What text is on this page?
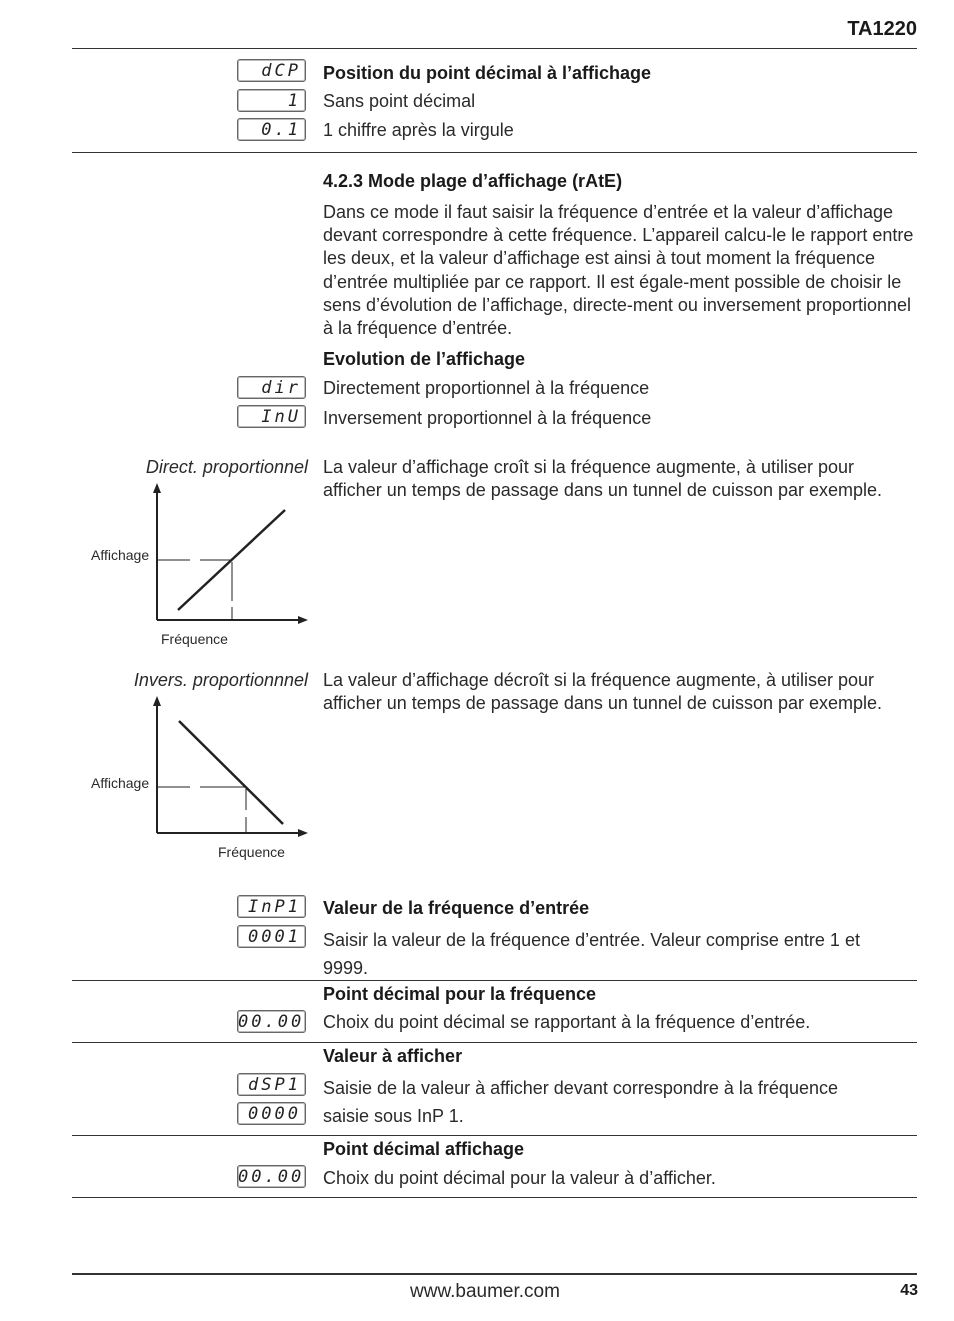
TA1220
dCP
1
0.1
Position du point décimal à l’affichage
Sans point décimal
1 chiffre après la virgule
4.2.3 Mode plage d’affichage (rAtE)
Dans ce mode il faut saisir la fréquence d’entrée et la valeur d’affichage devant correspondre à cette fréquence. L’appareil calcu-le le rapport entre les deux, et la valeur d’affichage est ainsi à tout moment la fréquence d’entrée multipliée par ce rapport. Il est égale-ment possible de choisir le sens d’évolution de l’affichage, directe-ment ou inversement proportionnel à la fréquence d’entrée.
Evolution de l’affichage
dir
InU
Directement proportionnel à la fréquence
Inversement proportionnel à la fréquence
Direct. proportionnel
Affichage
Fréquence
La valeur d’affichage croît si la fréquence augmente, à utiliser pour afficher un temps de passage dans un tunnel de cuisson par exemple.
Invers. proportionnnel
Affichage
Fréquence
La valeur d’affichage décroît si la fréquence augmente, à utiliser pour afficher un temps de passage dans un tunnel de cuisson par exemple.
InP1
0001
Valeur de la fréquence d’entrée
Saisir la valeur de la fréquence d’entrée. Valeur comprise entre 1 et 9999.
Point décimal pour la fréquence
00.00 Choix du point décimal se rapportant à la fréquence d’entrée.
Valeur à afficher
dSP1
0000
Saisie de la valeur à afficher devant correspondre à la fréquence saisie sous InP 1.
Point décimal affichage
00.00 Choix du point décimal pour la valeur à d’afficher.
www.baumer.com	43
